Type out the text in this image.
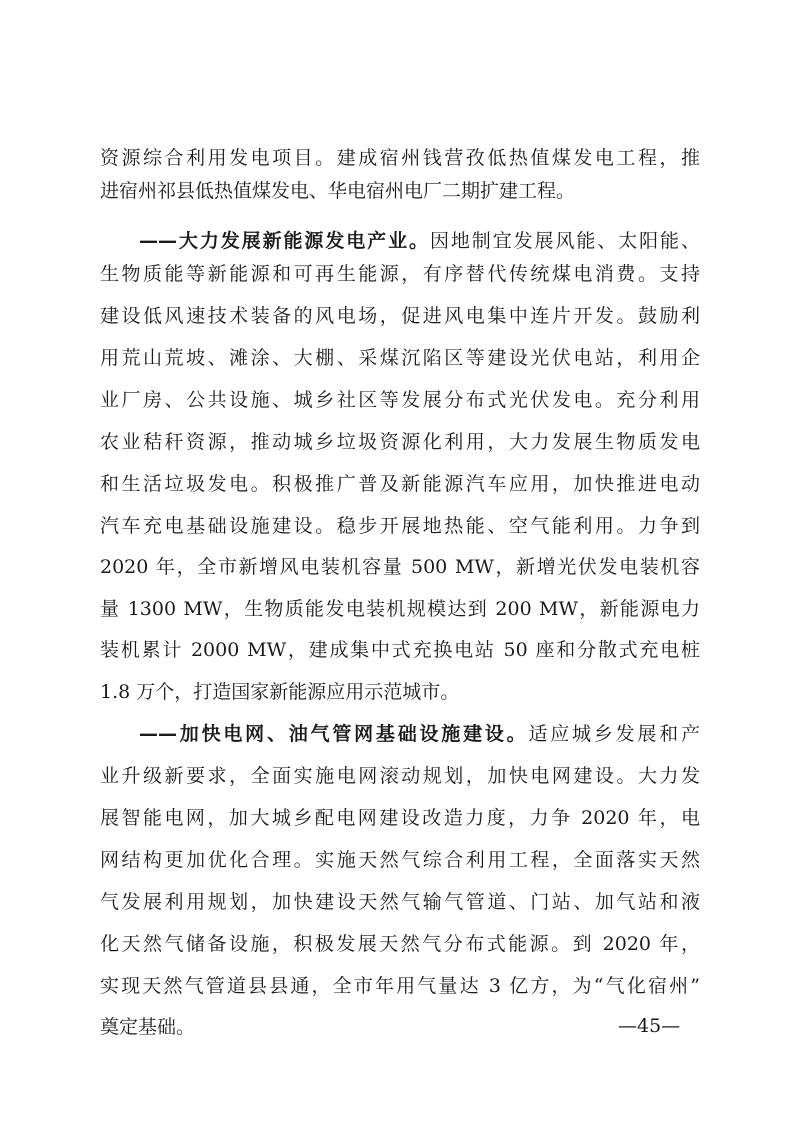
资源综合利用发电项目。建成宿州钱营孜低热值煤发电工程，推
进宿州祁县低热值煤发电、华电宿州电厂二期扩建工程。
——大力发展新能源发电产业。因地制宜发展风能、太阳能、
生物质能等新能源和可再生能源，有序替代传统煤电消费。支持
建设低风速技术装备的风电场，促进风电集中连片开发。鼓励利
用荒山荒坡、滩涂、大棚、采煤沉陷区等建设光伏电站，利用企
业厂房、公共设施、城乡社区等发展分布式光伏发电。充分利用
农业秸秆资源，推动城乡垃圾资源化利用，大力发展生物质发电
和生活垃圾发电。积极推广普及新能源汽车应用，加快推进电动
汽车充电基础设施建设。稳步开展地热能、空气能利用。力争到
2020 年，全市新增风电装机容量 500 MW，新增光伏发电装机容
量 1300 MW，生物质能发电装机规模达到 200 MW，新能源电力
装机累计 2000 MW，建成集中式充换电站 50 座和分散式充电桩
1.8 万个，打造国家新能源应用示范城市。
——加快电网、油气管网基础设施建设。适应城乡发展和产
业升级新要求，全面实施电网滚动规划，加快电网建设。大力发
展智能电网，加大城乡配电网建设改造力度，力争 2020 年，电
网结构更加优化合理。实施天然气综合利用工程，全面落实天然
气发展利用规划，加快建设天然气输气管道、门站、加气站和液
化天然气储备设施，积极发展天然气分布式能源。到 2020 年，
实现天然气管道县县通，全市年用气量达 3 亿方，为“气化宿州”
奠定基础。	—45—
